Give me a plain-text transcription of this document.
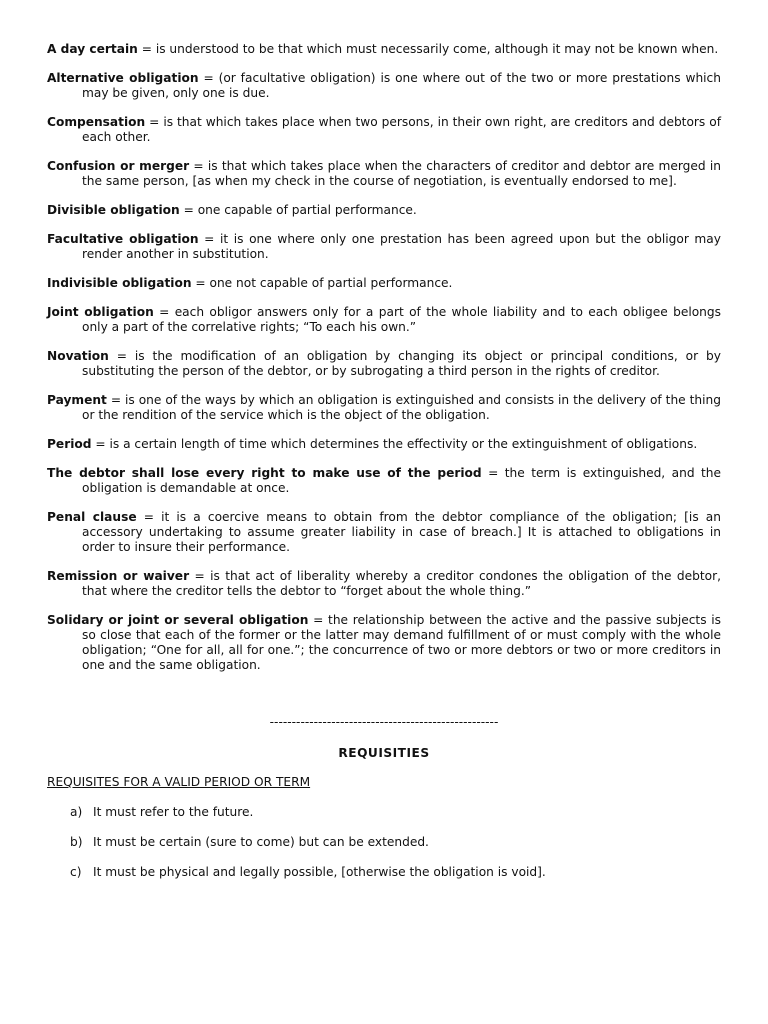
A day certain = is understood to be that which must necessarily come, although it may not be known when.

Alternative obligation = (or facultative obligation) is one where out of the two or more prestations which may be given, only one is due.

Compensation = is that which takes place when two persons, in their own right, are creditors and debtors of each other.

Confusion or merger = is that which takes place when the characters of creditor and debtor are merged in the same person, [as when my check in the course of negotiation, is eventually endorsed to me].

Divisible obligation = one capable of partial performance.

Facultative obligation = it is one where only one prestation has been agreed upon but the obligor may render another in substitution.

Indivisible obligation = one not capable of partial performance.

Joint obligation = each obligor answers only for a part of the whole liability and to each obligee belongs only a part of the correlative rights; “To each his own.”

Novation = is the modification of an obligation by changing its object or principal conditions, or by substituting the person of the debtor, or by subrogating a third person in the rights of creditor.

Payment = is one of the ways by which an obligation is extinguished and consists in the delivery of the thing or the rendition of the service which is the object of the obligation.

Period = is a certain length of time which determines the effectivity or the extinguishment of obligations.

The debtor shall lose every right to make use of the period = the term is extinguished, and the obligation is demandable at once.

Penal clause = it is a coercive means to obtain from the debtor compliance of the obligation; [is an accessory undertaking to assume greater liability in case of breach.] It is attached to obligations in order to insure their performance.

Remission or waiver = is that act of liberality whereby a creditor condones the obligation of the debtor, that where the creditor tells the debtor to “forget about the whole thing.”

Solidary or joint or several obligation = the relationship between the active and the passive subjects is so close that each of the former or the latter may demand fulfillment of or must comply with the whole obligation; “One for all, all for one.”; the concurrence of two or more debtors or two or more creditors in one and the same obligation.

----------------------------------------------------
REQUISITIES
REQUISITES FOR A VALID PERIOD OR TERM
a) It must refer to the future.
b) It must be certain (sure to come) but can be extended.
c) It must be physical and legally possible, [otherwise the obligation is void].
